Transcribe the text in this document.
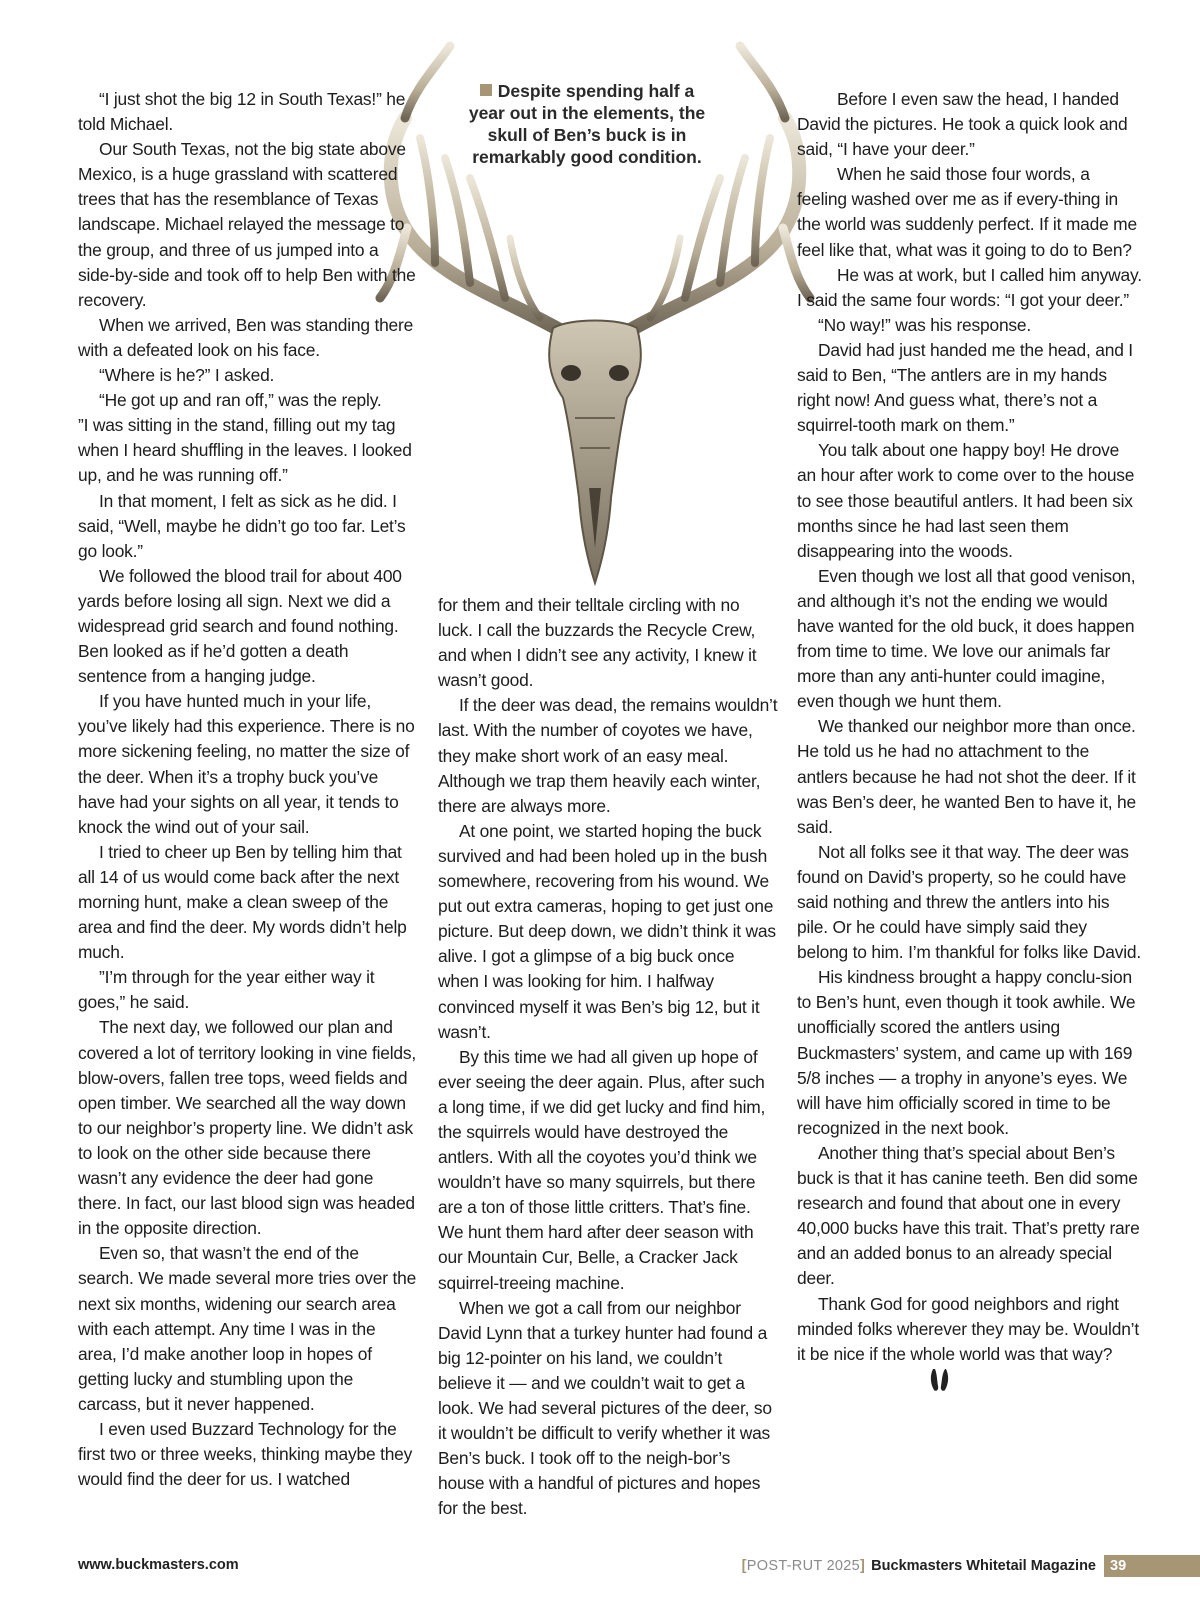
Despite spending half a year out in the elements, the skull of Ben’s buck is in remarkably good condition.

“I just shot the big 12 in South Texas!” he told Michael.

Our South Texas, not the big state above Mexico, is a huge grassland with scattered trees that has the resemblance of Texas landscape. Michael relayed the message to the group, and three of us jumped into a side-by-side and took off to help Ben with the recovery.

When we arrived, Ben was standing there with a defeated look on his face.

“Where is he?” I asked.

“He got up and ran off,” was the reply.

”I was sitting in the stand, filling out my tag when I heard shuffling in the leaves. I looked up, and he was running off.”

In that moment, I felt as sick as he did. I said, “Well, maybe he didn’t go too far. Let’s go look.”

We followed the blood trail for about 400 yards before losing all sign. Next we did a widespread grid search and found nothing. Ben looked as if he’d gotten a death sentence from a hanging judge.

If you have hunted much in your life, you’ve likely had this experience. There is no more sickening feeling, no matter the size of the deer. When it’s a trophy buck you’ve have had your sights on all year, it tends to knock the wind out of your sail.

I tried to cheer up Ben by telling him that all 14 of us would come back after the next morning hunt, make a clean sweep of the area and find the deer. My words didn’t help much.

”I’m through for the year either way it goes,” he said.

The next day, we followed our plan and covered a lot of territory looking in vine fields, blow-overs, fallen tree tops, weed fields and open timber. We searched all the way down to our neighbor’s property line. We didn’t ask to look on the other side because there wasn’t any evidence the deer had gone there. In fact, our last blood sign was headed in the opposite direction.

Even so, that wasn’t the end of the search. We made several more tries over the next six months, widening our search area with each attempt. Any time I was in the area, I’d make another loop in hopes of getting lucky and stumbling upon the carcass, but it never happened.

I even used Buzzard Technology for the first two or three weeks, thinking maybe they would find the deer for us. I watched

for them and their telltale circling with no luck. I call the buzzards the Recycle Crew, and when I didn’t see any activity, I knew it wasn’t good.

If the deer was dead, the remains wouldn’t last. With the number of coyotes we have, they make short work of an easy meal. Although we trap them heavily each winter, there are always more.

At one point, we started hoping the buck survived and had been holed up in the bush somewhere, recovering from his wound. We put out extra cameras, hoping to get just one picture. But deep down, we didn’t think it was alive. I got a glimpse of a big buck once when I was looking for him. I halfway convinced myself it was Ben’s big 12, but it wasn’t.

By this time we had all given up hope of ever seeing the deer again. Plus, after such a long time, if we did get lucky and find him, the squirrels would have destroyed the antlers. With all the coyotes you’d think we wouldn’t have so many squirrels, but there are a ton of those little critters. That’s fine. We hunt them hard after deer season with our Mountain Cur, Belle, a Cracker Jack squirrel-treeing machine.

When we got a call from our neighbor David Lynn that a turkey hunter had found a big 12-pointer on his land, we couldn’t believe it — and we couldn’t wait to get a look. We had several pictures of the deer, so it wouldn’t be difficult to verify whether it was Ben’s buck. I took off to the neigh-bor’s house with a handful of pictures and hopes for the best.

Before I even saw the head, I handed David the pictures. He took a quick look and said, “I have your deer.”

When he said those four words, a feeling washed over me as if every-thing in the world was suddenly perfect. If it made me feel like that, what was it going to do to Ben?

He was at work, but I called him anyway. I said the same four words: “I got your deer.”

“No way!” was his response.

David had just handed me the head, and I said to Ben, “The antlers are in my hands right now! And guess what, there’s not a squirrel-tooth mark on them.”

You talk about one happy boy! He drove an hour after work to come over to the house to see those beautiful antlers. It had been six months since he had last seen them disappearing into the woods.

Even though we lost all that good venison, and although it’s not the ending we would have wanted for the old buck, it does happen from time to time. We love our animals far more than any anti-hunter could imagine, even though we hunt them.

We thanked our neighbor more than once. He told us he had no attachment to the antlers because he had not shot the deer. If it was Ben’s deer, he wanted Ben to have it, he said.

Not all folks see it that way. The deer was found on David’s property, so he could have said nothing and threw the antlers into his pile. Or he could have simply said they belong to him. I’m thankful for folks like David.

His kindness brought a happy conclu-sion to Ben’s hunt, even though it took awhile. We unofficially scored the antlers using Buckmasters’ system, and came up with 169 5/8 inches — a trophy in anyone’s eyes. We will have him officially scored in time to be recognized in the next book.

Another thing that’s special about Ben’s buck is that it has canine teeth. Ben did some research and found that about one in every 40,000 bucks have this trait. That’s pretty rare and an added bonus to an already special deer.

Thank God for good neighbors and right minded folks wherever they may be. Wouldn’t it be nice if the whole world was that way?

www.buckmasters.com	[POST-RUT 2025] Buckmasters Whitetail Magazine 39
